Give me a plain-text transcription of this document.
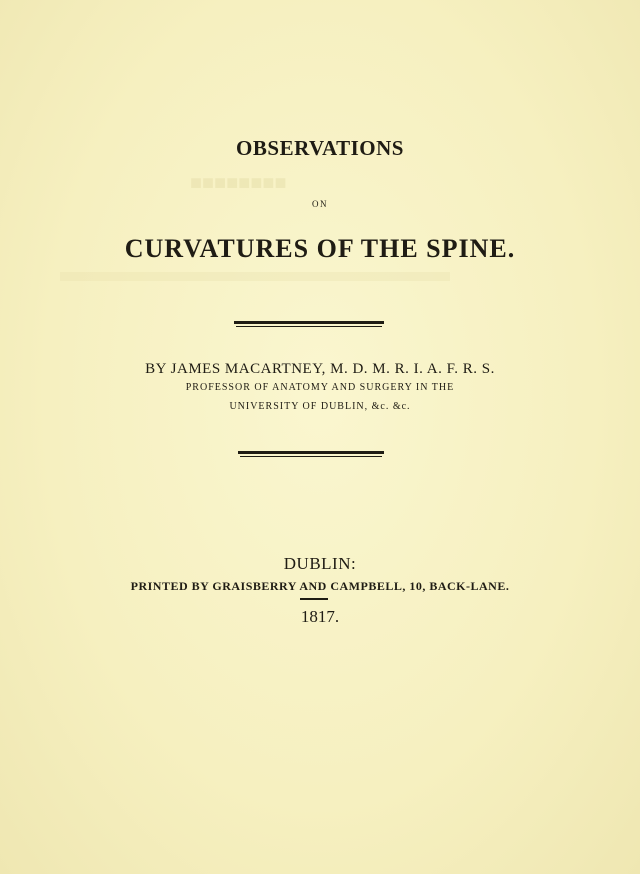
■■■■■■■■
▬▬▬▬▬▬▬▬▬▬▬▬▬
OBSERVATIONS
ON
CURVATURES OF THE SPINE.
BY JAMES MACARTNEY, M. D. M. R. I. A. F. R. S.
PROFESSOR OF ANATOMY AND SURGERY IN THE
UNIVERSITY OF DUBLIN, &c. &c.
DUBLIN:
PRINTED BY GRAISBERRY AND CAMPBELL, 10, BACK-LANE.
1817.
